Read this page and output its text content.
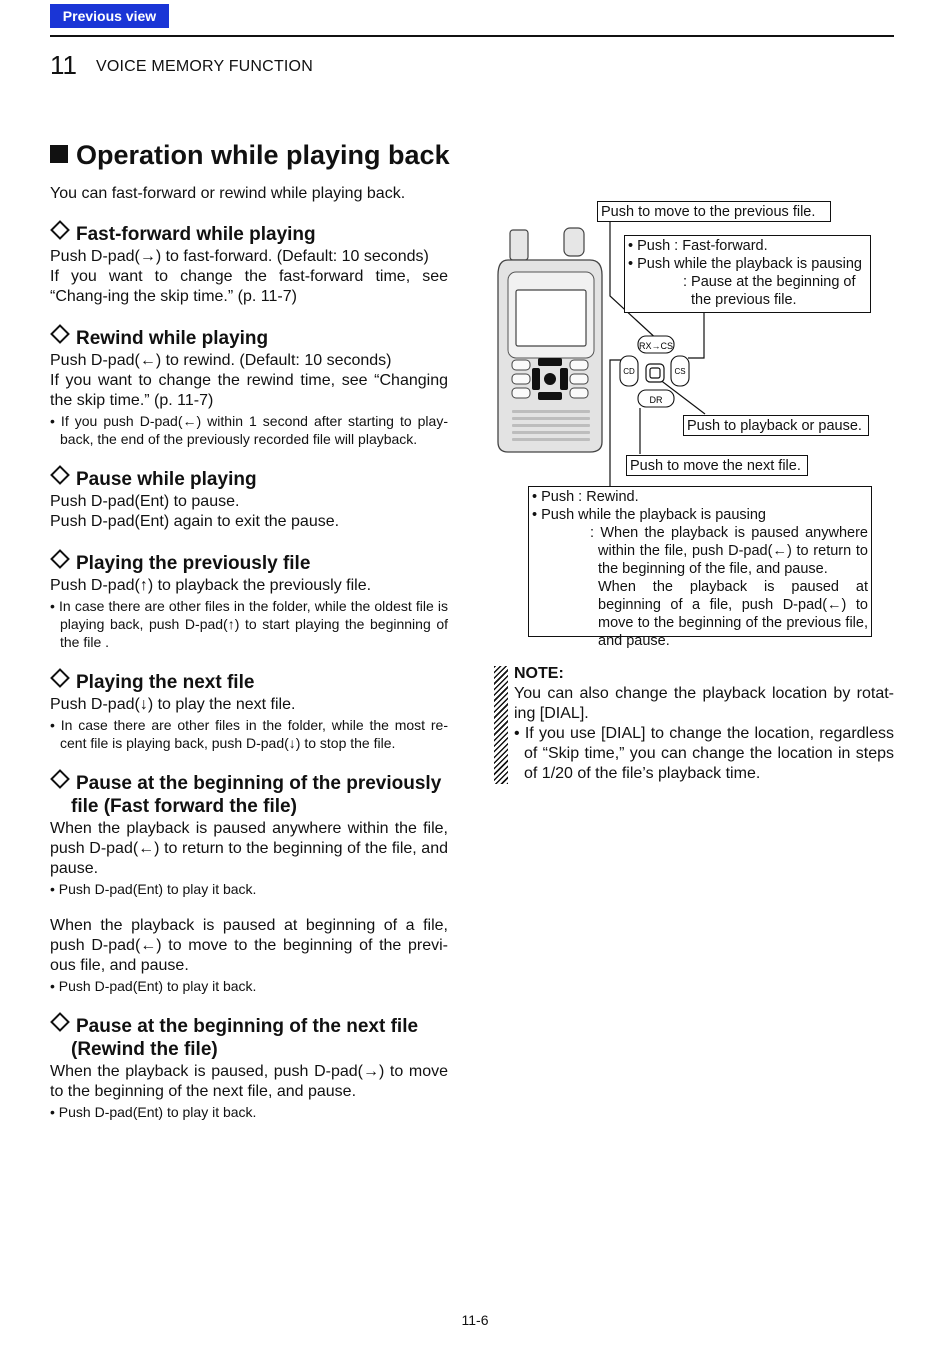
Previous view
11 VOICE MEMORY FUNCTION
Operation while playing back

You can fast-forward or rewind while playing back.

Fast-forward while playing

Push D-pad(→) to fast-forward. (Default: 10 seconds)

If you want to change the fast-forward time, see “Chang-ing the skip time.” (p. 11-7)

Rewind while playing

Push D-pad(←) to rewind. (Default: 10 seconds)

If you want to change the rewind time, see “Changing the skip time.” (p. 11-7)

• If you push D-pad(←) within 1 second after starting to play-back, the end of the previously recorded file will playback.

Pause while playing

Push D-pad(Ent) to pause.

Push D-pad(Ent) again to exit the pause.

Playing the previously file

Push D-pad(↑) to playback the previously file.

• In case there are other files in the folder, while the oldest file is playing back, push D-pad(↑) to start playing the beginning of the file .

Playing the next file

Push D-pad(↓) to play the next file.

• In case there are other files in the folder, while the most re-cent file is playing back, push D-pad(↓) to stop the file.

Pause at the beginning of the previously
file (Fast forward the file)

When the playback is paused anywhere within the file, push D-pad(←) to return to the beginning of the file, and pause.

• Push D-pad(Ent) to play it back.

When the playback is paused at beginning of a file, push D-pad(←) to move to the beginning of the previ-ous file, and pause.

• Push D-pad(Ent) to play it back.

Pause at the beginning of the next file
(Rewind the file)

When the playback is paused, push D-pad(→) to move to the beginning of the next file, and pause.

• Push D-pad(Ent) to play it back.

RX→CS
CD	CS
DR
Push to move to the previous file.
• Push : Fast-forward.
• Push while the playback is pausing
: Pause at the beginning of
the previous file.
Push to playback or pause.
Push to move the next file.
• Push : Rewind.
• Push while the playback is pausing
: When the playback is paused anywhere within the file, push D-pad(←) to return to the beginning of the file, and pause.
When the playback is paused at beginning of a file, push D-pad(←) to move to the beginning of the previous file, and pause.
NOTE:

You can also change the playback location by rotat-ing [DIAL].

• If you use [DIAL] to change the location, regardless of “Skip time,” you can change the location in steps of 1/20 of the file’s playback time.

11-6
